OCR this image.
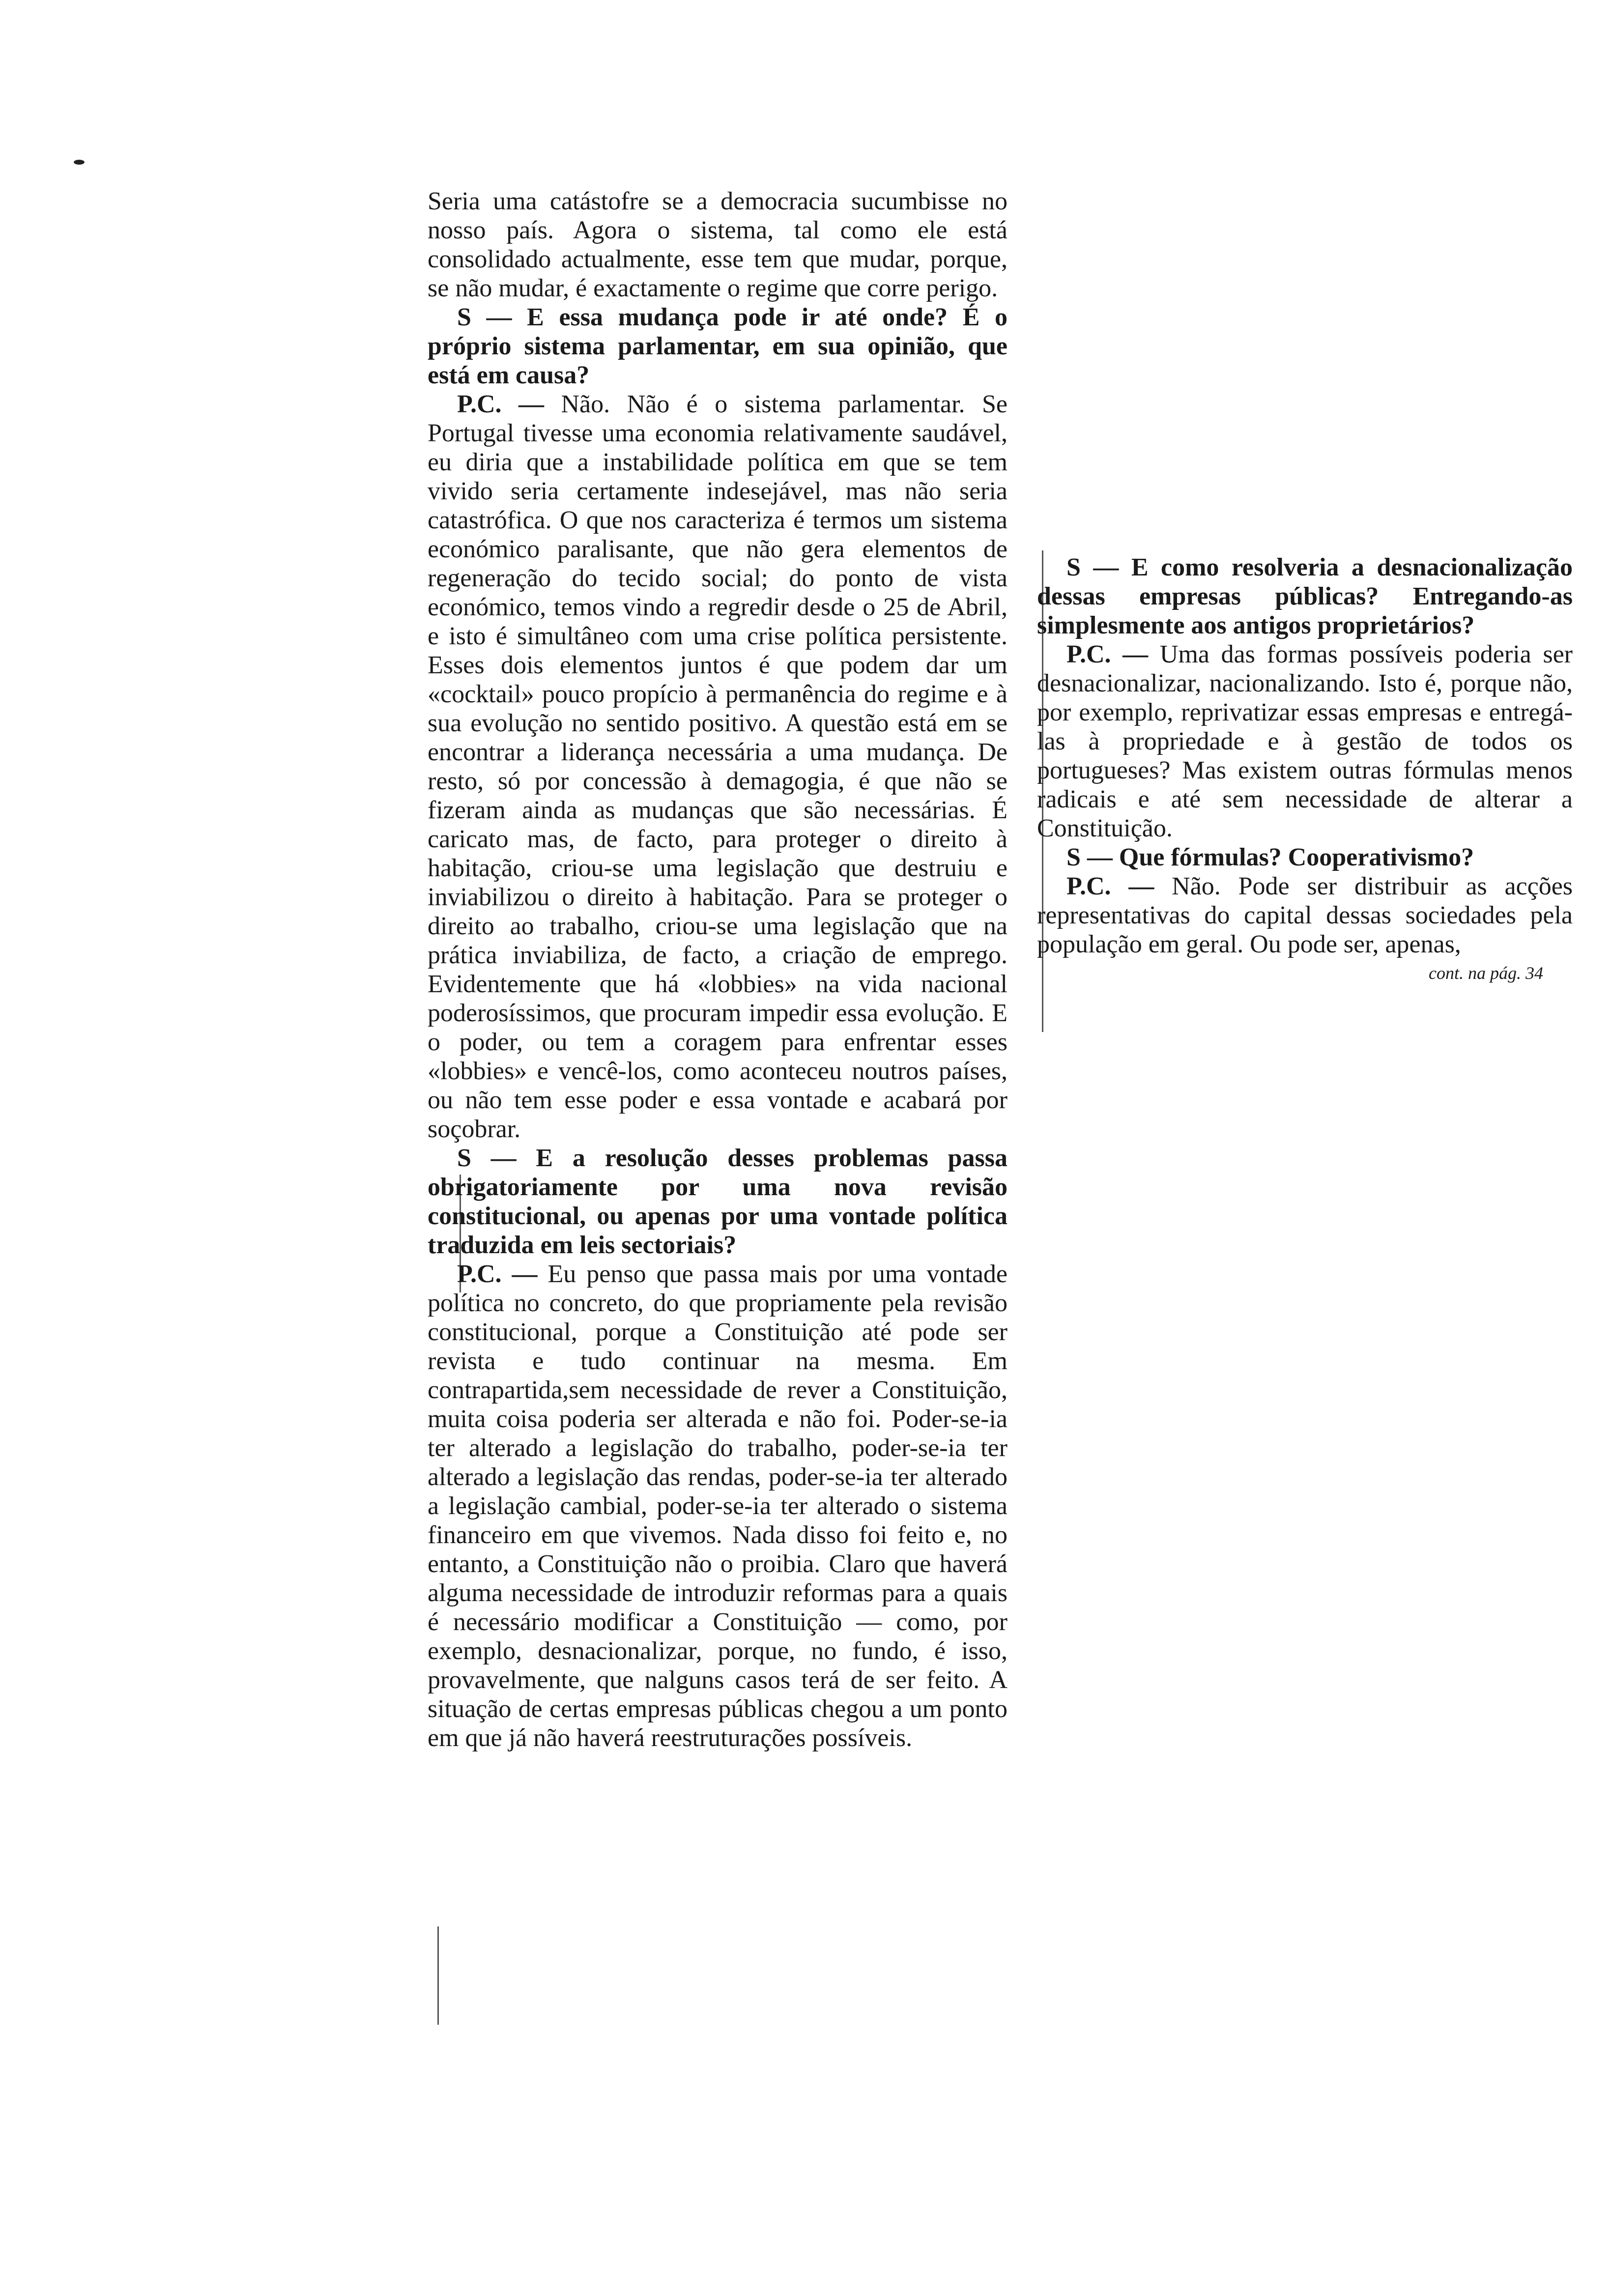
Seria uma catástofre se a democracia sucumbisse no nosso país. Agora o sistema, tal como ele está consolidado actualmente, esse tem que mudar, porque, se não mudar, é exactamente o regime que corre perigo.

S — E essa mudança pode ir até onde? É o próprio sistema parlamentar, em sua opinião, que está em causa?

P.C. — Não. Não é o sistema parlamentar. Se Portugal tivesse uma economia relativamente saudável, eu diria que a instabilidade política em que se tem vivido seria certamente indesejável, mas não seria catastrófica. O que nos caracteriza é termos um sistema económico paralisante, que não gera elementos de regeneração do tecido social; do ponto de vista económico, temos vindo a regredir desde o 25 de Abril, e isto é simultâneo com uma crise política persistente. Esses dois elementos juntos é que podem dar um «cocktail» pouco propício à permanência do regime e à sua evolução no sentido positivo. A questão está em se encontrar a liderança necessária a uma mudança. De resto, só por concessão à demagogia, é que não se fizeram ainda as mudanças que são necessárias. É caricato mas, de facto, para proteger o direito à habitação, criou-se uma legislação que destruiu e inviabilizou o direito à habitação. Para se proteger o direito ao trabalho, criou-se uma legislação que na prática inviabiliza, de facto, a criação de emprego. Evidentemente que há «lobbies» na vida nacional poderosíssimos, que procuram impedir essa evolução. E o poder, ou tem a coragem para enfrentar esses «lobbies» e vencê-los, como aconteceu noutros países, ou não tem esse poder e essa vontade e acabará por soçobrar.

S — E a resolução desses problemas passa obrigatoriamente por uma nova revisão constitucional, ou apenas por uma vontade política traduzida em leis sectoriais?

P.C. — Eu penso que passa mais por uma vontade política no concreto, do que propriamente pela revisão constitucional, porque a Constituição até pode ser revista e tudo continuar na mesma. Em contrapartida,sem necessidade de rever a Constituição, muita coisa poderia ser alterada e não foi. Poder-se-ia ter alterado a legislação do trabalho, poder-se-ia ter alterado a legislação das rendas, poder-se-ia ter alterado a legislação cambial, poder-se-ia ter alterado o sistema financeiro em que vivemos. Nada disso foi feito e, no entanto, a Constituição não o proibia. Claro que haverá alguma necessidade de introduzir reformas para a quais é necessário modificar a Constituição — como, por exemplo, desnacionalizar, porque, no fundo, é isso, provavelmente, que nalguns casos terá de ser feito. A situação de certas empresas públicas chegou a um ponto em que já não haverá reestruturações possíveis.

S — E como resolveria a desnacionalização dessas empresas públicas? Entregando-as simplesmente aos antigos proprietários?

P.C. — Uma das formas possíveis poderia ser desnacionalizar, nacionalizando. Isto é, porque não, por exemplo, reprivatizar essas empresas e entregá-las à propriedade e à gestão de todos os portugueses? Mas existem outras fórmulas menos radicais e até sem necessidade de alterar a Constituição.

S — Que fórmulas? Cooperativismo?

P.C. — Não. Pode ser distribuir as acções representativas do capital dessas sociedades pela população em geral. Ou pode ser, apenas,

cont. na pág. 34
